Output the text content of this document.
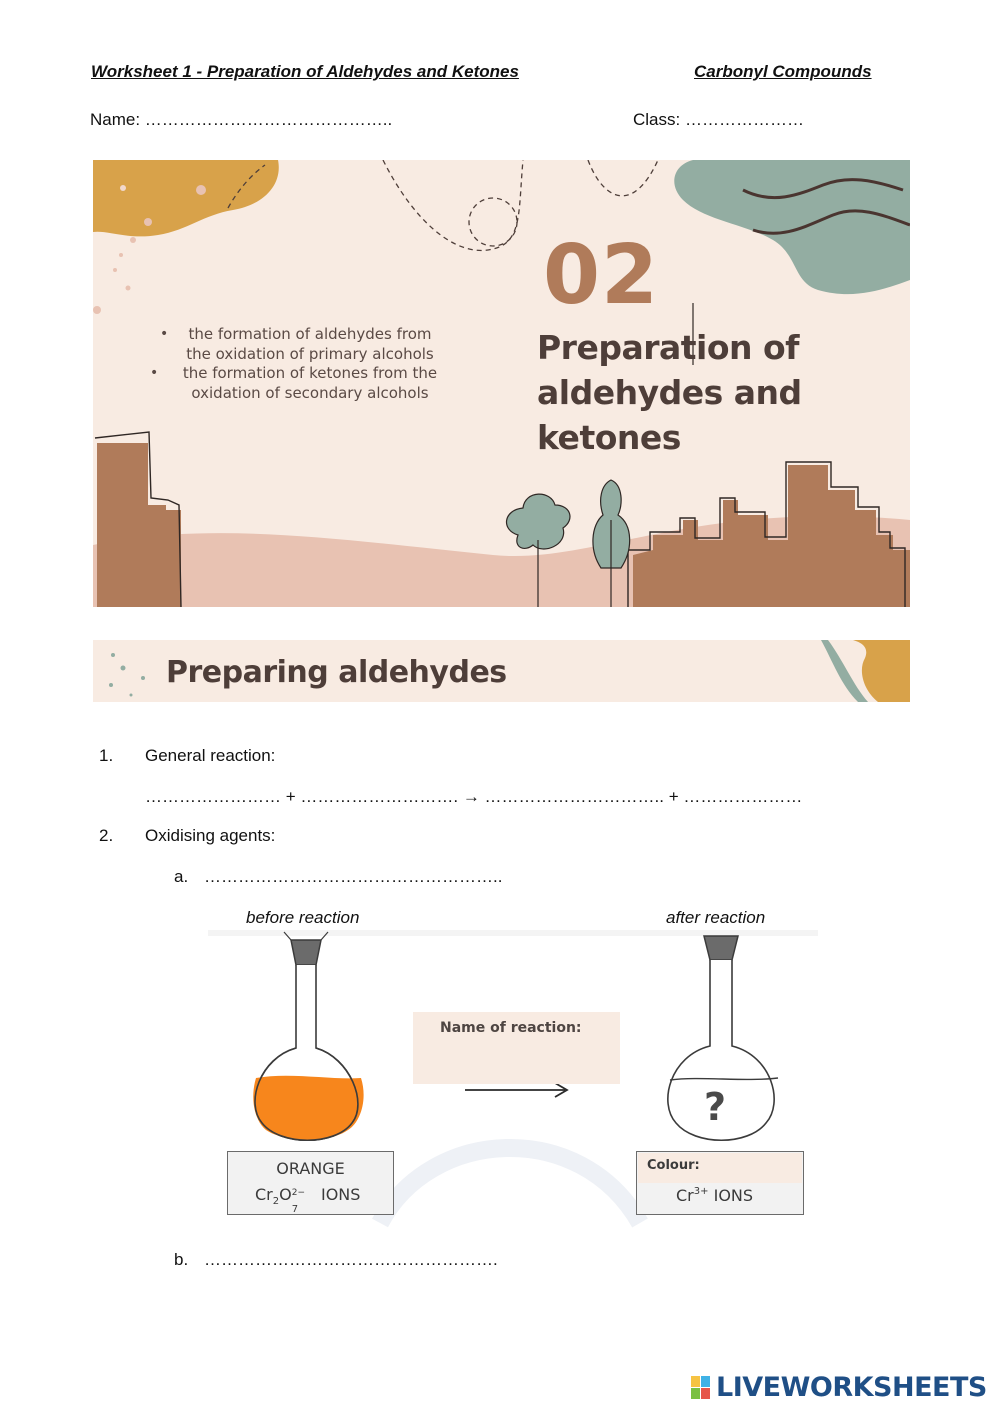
Worksheet 1 - Preparation of Aldehydes and Ketones	Carbonyl Compounds
Name: ……………………………………..	Class: …………………
•	the formation of aldehydes from
the oxidation of primary alcohols
•	the formation of ketones from the
oxidation of secondary alcohols
02
Preparation of
aldehydes and
ketones
Preparing aldehydes
1. General reaction:
…………………… + ………………………. → ………………………….. + …………………
2. Oxidising agents:
a. ……………………………………………..
before reaction	after reaction
?
Name of reaction:
ORANGE
$Cr_2O$ 2−
7
IONS
Colour:
$Cr^{3+}$ IONS
b. …………………………………………….
LIVEWORKSHEETS
